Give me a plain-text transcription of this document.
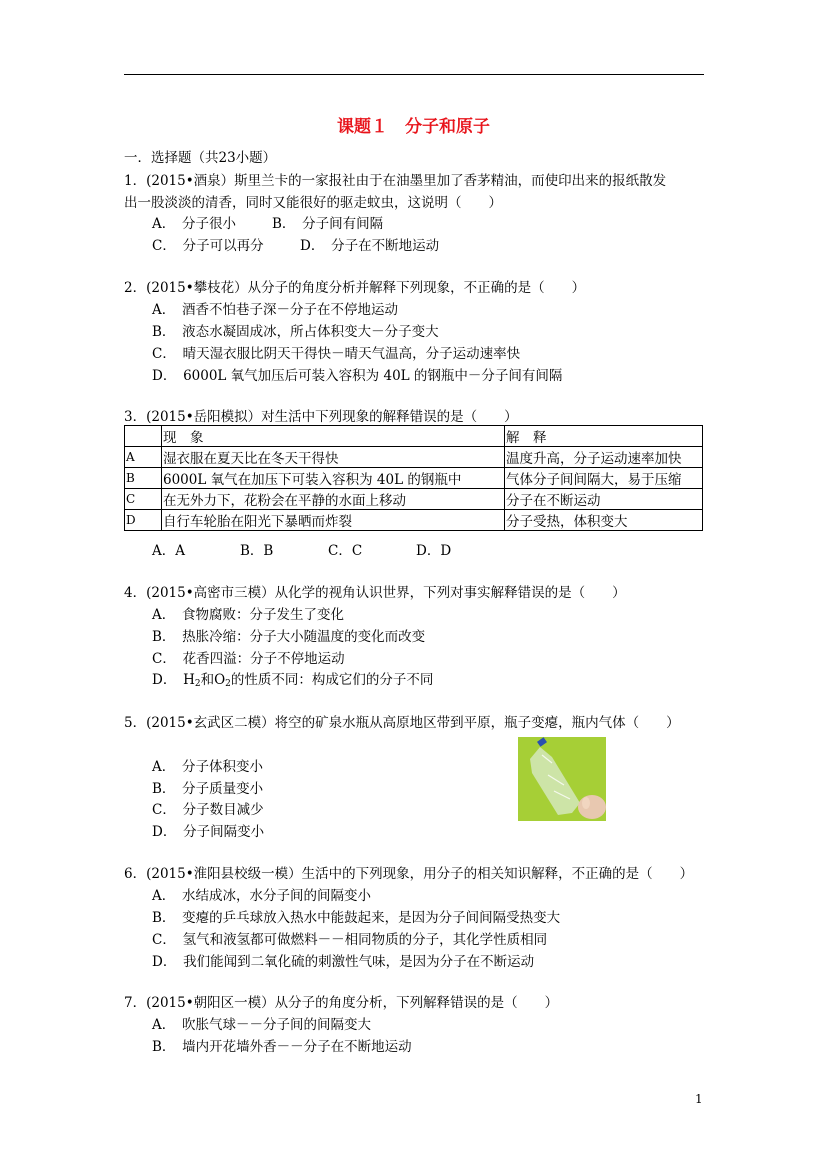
课题１　分子和原子
一．选择题（共23小题）
1．(2015•酒泉）斯里兰卡的一家报社由于在油墨里加了香茅精油，而使印出来的报纸散发
出一股淡淡的清香，同时又能很好的驱走蚊虫，这说明（　　）
A．　分子很小	B．　分子间有间隔
C．　分子可以再分	D．　分子在不断地运动
2．(2015•攀枝花）从分子的角度分析并解释下列现象，不正确的是（　　）
A．　酒香不怕巷子深－分子在不停地运动
B．　液态水凝固成冰，所占体积变大－分子变大
C．　晴天湿衣服比阴天干得快－晴天气温高，分子运动速率快
D．　6000L 氧气加压后可装入容积为 40L 的钢瓶中－分子间有间隔
3．(2015•岳阳模拟）对生活中下列现象的解释错误的是（　　）
	现　象	解　释
A	湿衣服在夏天比在冬天干得快	温度升高，分子运动速率加快
B	6000L 氧气在加压下可装入容积为 40L 的钢瓶中	气体分子间间隔大，易于压缩
C	在无外力下，花粉会在平静的水面上移动	分子在不断运动
D	自行车轮胎在阳光下暴晒而炸裂	分子受热，体积变大
A．A	B．B	C．C	D．D
4．(2015•高密市三模）从化学的视角认识世界，下列对事实解释错误的是（　　）
A．　食物腐败：分子发生了变化
B．　热胀冷缩：分子大小随温度的变化而改变
C．　花香四溢：分子不停地运动
D．　$H_2$和$O_2$的性质不同：构成它们的分子不同
5．(2015•玄武区二模）将空的矿泉水瓶从高原地区带到平原，瓶子变瘪，瓶内气体（　　）
A．　分子体积变小
B．　分子质量变小
C．　分子数目减少
D．　分子间隔变小
6．(2015•淮阳县校级一模）生活中的下列现象，用分子的相关知识解释，不正确的是（　　）
A．　水结成冰，水分子间的间隔变小
B．　变瘪的乒乓球放入热水中能鼓起来，是因为分子间间隔受热变大
C．　氢气和液氢都可做燃料－－相同物质的分子，其化学性质相同
D．　我们能闻到二氧化硫的刺激性气味，是因为分子在不断运动
7．(2015•朝阳区一模）从分子的角度分析，下列解释错误的是（　　）
A．　吹胀气球－－分子间的间隔变大
B．　墙内开花墙外香－－分子在不断地运动
1
